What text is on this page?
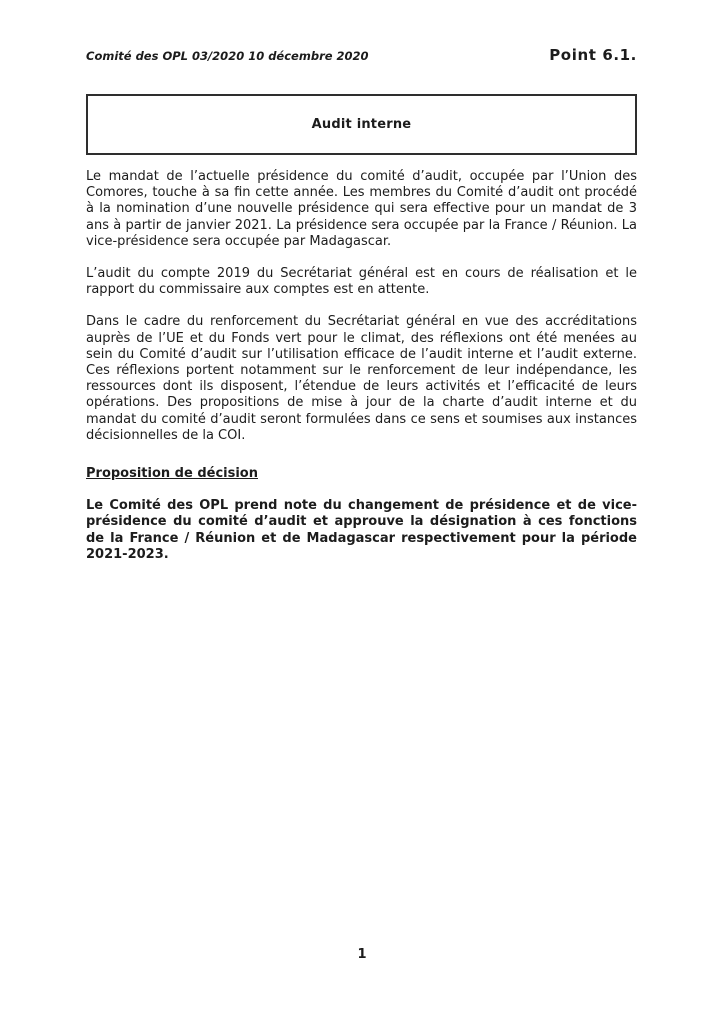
Comité des OPL 03/2020 10 décembre 2020	Point 6.1.
Audit interne

Le mandat de l’actuelle présidence du comité d’audit, occupée par l’Union des Comores, touche à sa fin cette année. Les membres du Comité d’audit ont procédé à la nomination d’une nouvelle présidence qui sera effective pour un mandat de 3 ans à partir de janvier 2021. La présidence sera occupée par la France / Réunion. La vice-présidence sera occupée par Madagascar.

L’audit du compte 2019 du Secrétariat général est en cours de réalisation et le rapport du commissaire aux comptes est en attente.

Dans le cadre du renforcement du Secrétariat général en vue des accréditations auprès de l’UE et du Fonds vert pour le climat, des réflexions ont été menées au sein du Comité d’audit sur l’utilisation efficace de l’audit interne et l’audit externe. Ces réflexions portent notamment sur le renforcement de leur indépendance, les ressources dont ils disposent, l’étendue de leurs activités et l’efficacité de leurs opérations. Des propositions de mise à jour de la charte d’audit interne et du mandat du comité d’audit seront formulées dans ce sens et soumises aux instances décisionnelles de la COI.

Proposition de décision

Le Comité des OPL prend note du changement de présidence et de vice-présidence du comité d’audit et approuve la désignation à ces fonctions de la France / Réunion et de Madagascar respectivement pour la période 2021-2023.

1
